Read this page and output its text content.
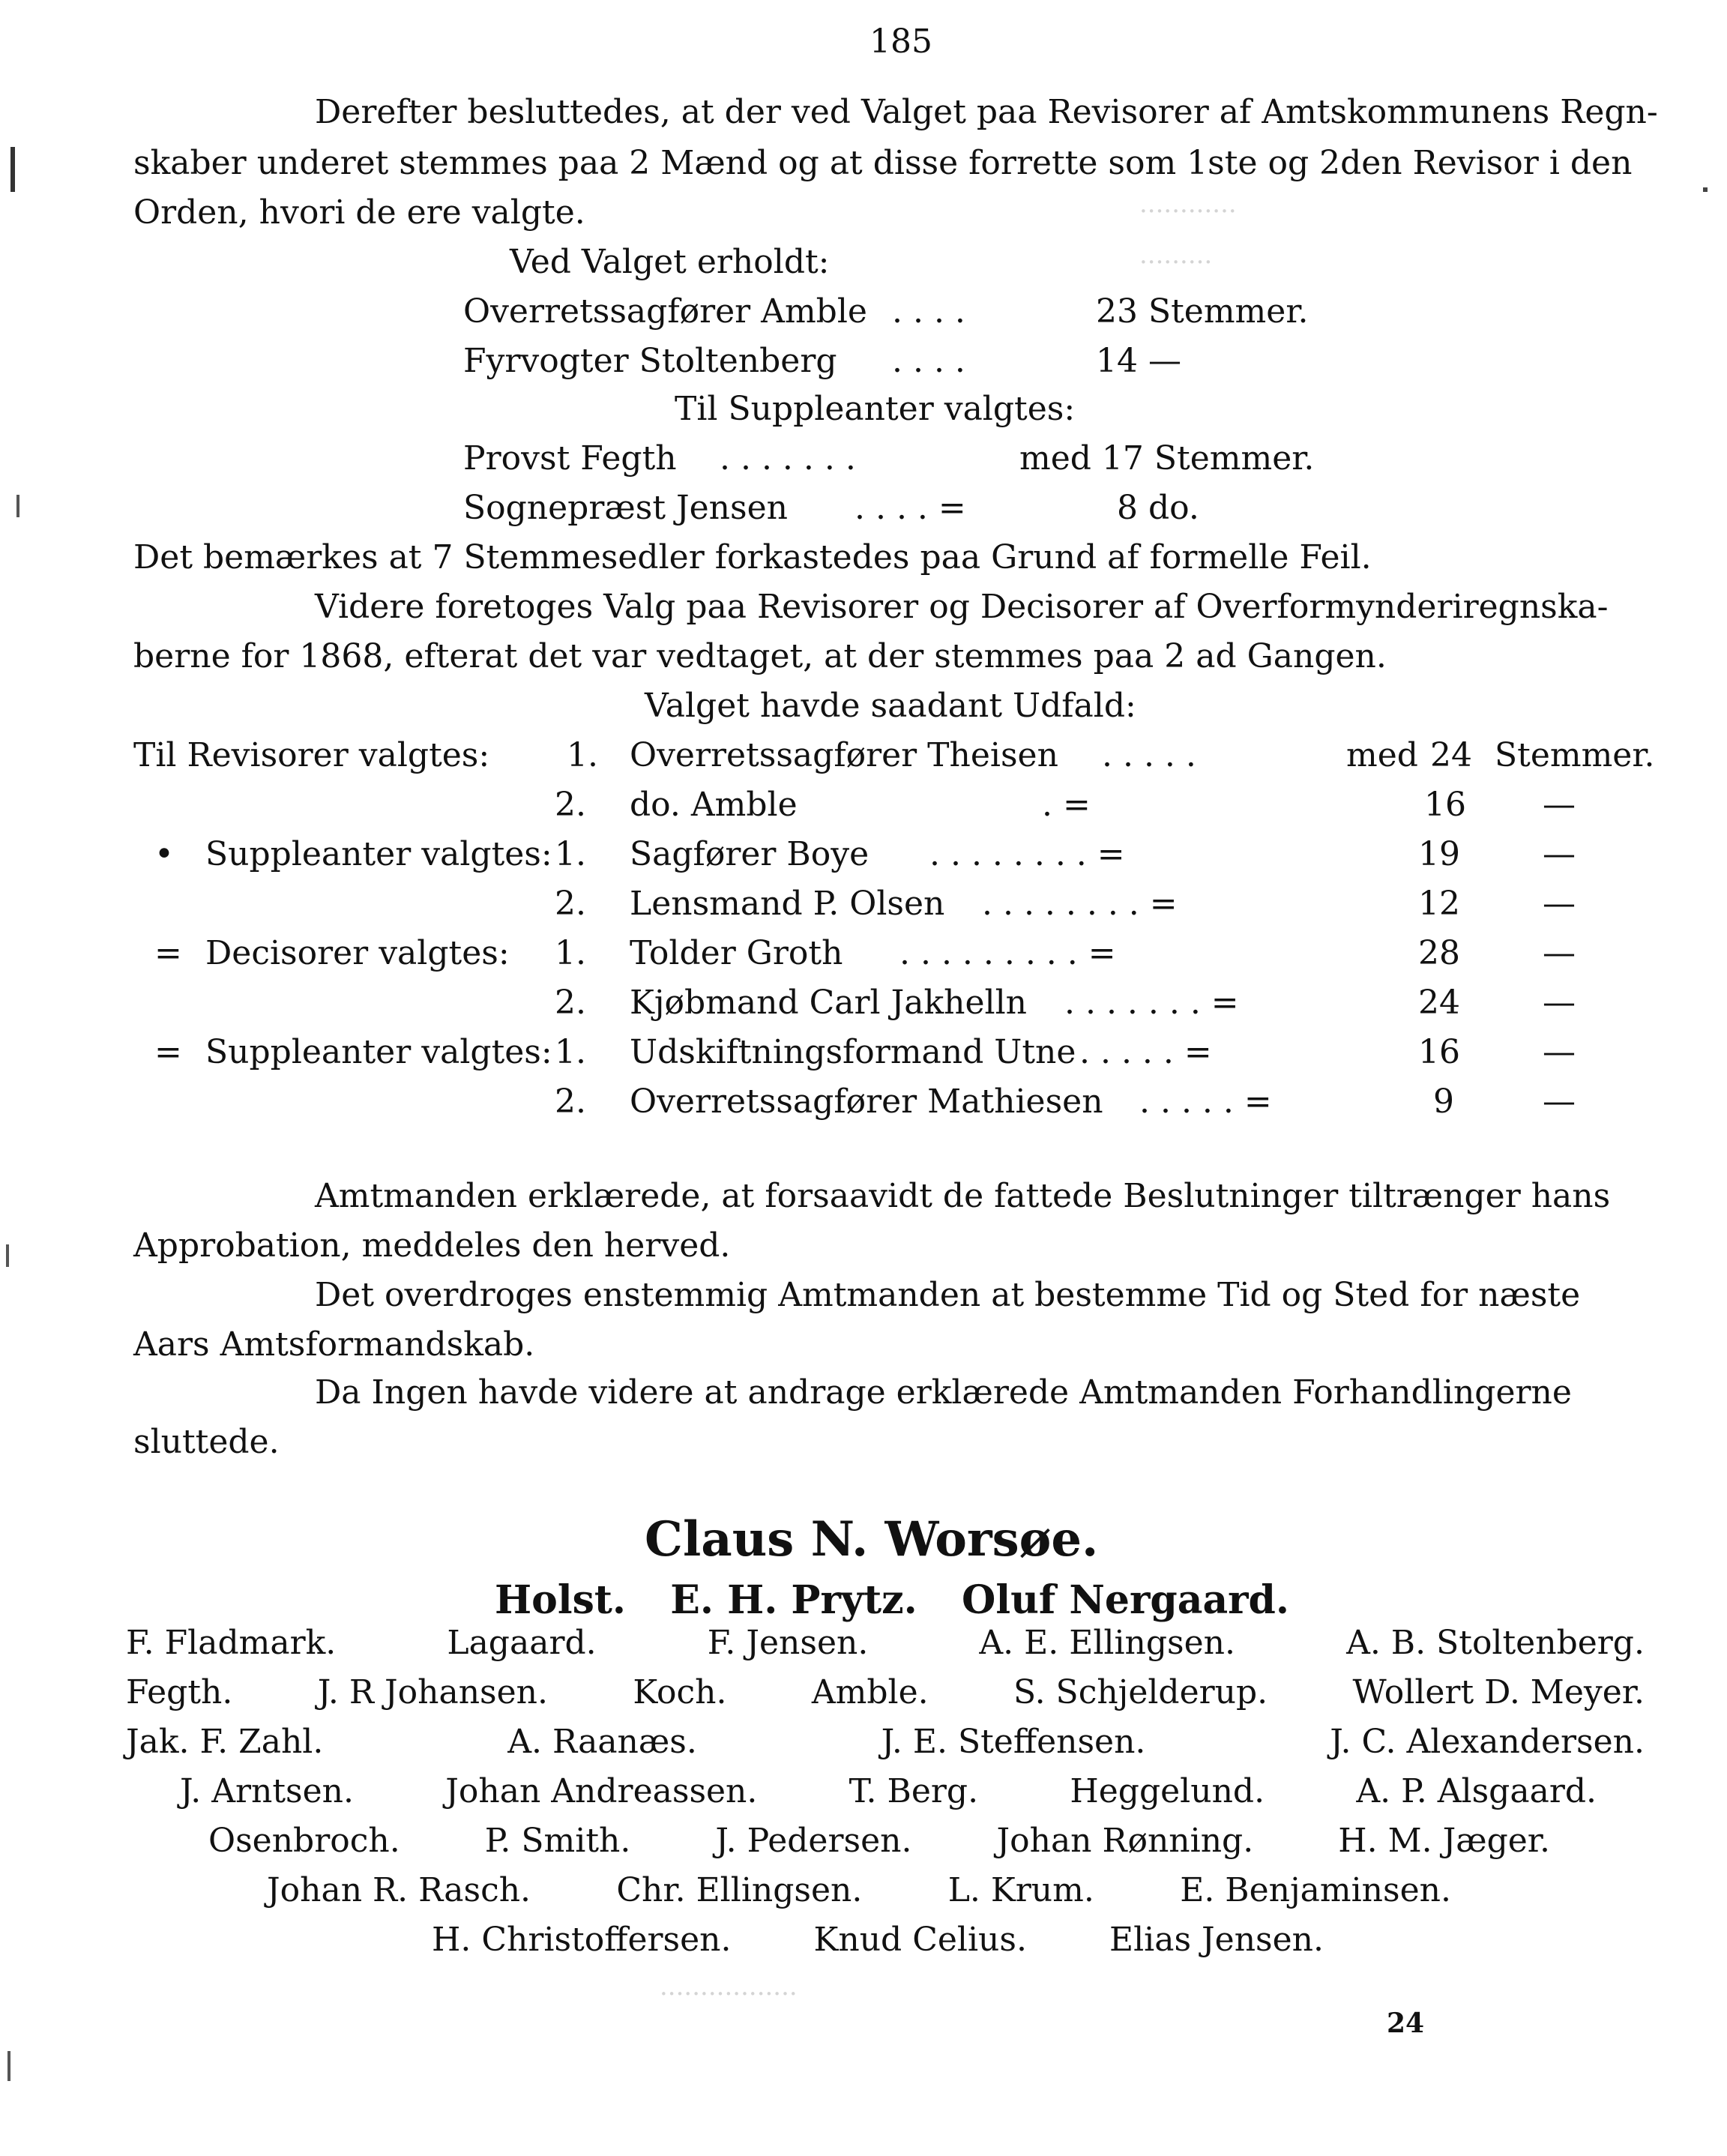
············
·········
·················
185
Derefter besluttedes, at der ved Valget paa Revisorer af Amtskommunens Regn-
skaber underet stemmes paa 2 Mænd og at disse forrette som 1ste og 2den Revisor i den
Orden, hvori de ere valgte.
Ved Valget erholdt:
Overretssagfører Amble . . . .	23 Stemmer.
Fyrvogter Stoltenberg . . . .	14 —
Til Suppleanter valgtes:
Provst Fegth . . . . . . .	med 17 Stemmer.
Sognepræst Jensen . . . . =	8 do.
Det bemærkes at 7 Stemmesedler forkastedes paa Grund af formelle Feil.
Videre foretoges Valg paa Revisorer og Decisorer af Overformynderiregnska-
berne for 1868, efterat det var vedtaget, at der stemmes paa 2 ad Gangen.
Valget havde saadant Udfald:
Til Revisorer valgtes: 1. Overretssagfører Theisen . . . . .	med 24 Stemmer.
2. do. Amble	. =	16 —
• Suppleanter valgtes: 1. Sagfører Boye . . . . . . . . =	19	—
2. Lensmand P. Olsen . . . . . . . . =	12	—
= Decisorer valgtes: 1. Tolder Groth . . . . . . . . . =	28	—
2. Kjøbmand Carl Jakhelln . . . . . . . =	24	—
= Suppleanter valgtes: 1. Udskiftningsformand Utne . . . . . =	16	—
2. Overretssagfører Mathiesen . . . . . =	9	—
Amtmanden erklærede, at forsaavidt de fattede Beslutninger tiltrænger hans
Approbation, meddeles den herved.
Det overdroges enstemmig Amtmanden at bestemme Tid og Sted for næste
Aars Amtsformandskab.
Da Ingen havde videre at andrage erklærede Amtmanden Forhandlingerne
sluttede.
Claus N. Worsøe.
Holst. E. H. Prytz. Oluf Nergaard.
F. Fladmark.	Lagaard.	F. Jensen.	A. E. Ellingsen.	A. B. Stoltenberg.
Fegth.	J. R Johansen.	Koch.	Amble.	S. Schjelderup.	Wollert D. Meyer.
Jak. F. Zahl.	A. Raanæs.	J. E. Steffensen.	J. C. Alexandersen.
J. Arntsen.	Johan Andreassen.	T. Berg.	Heggelund.	A. P. Alsgaard.
Osenbroch.	P. Smith.	J. Pedersen.	Johan Rønning.	H. M. Jæger.
Johan R. Rasch.	Chr. Ellingsen.	L. Krum.	E. Benjaminsen.
H. Christoffersen.	Knud Celius.	Elias Jensen.
24
